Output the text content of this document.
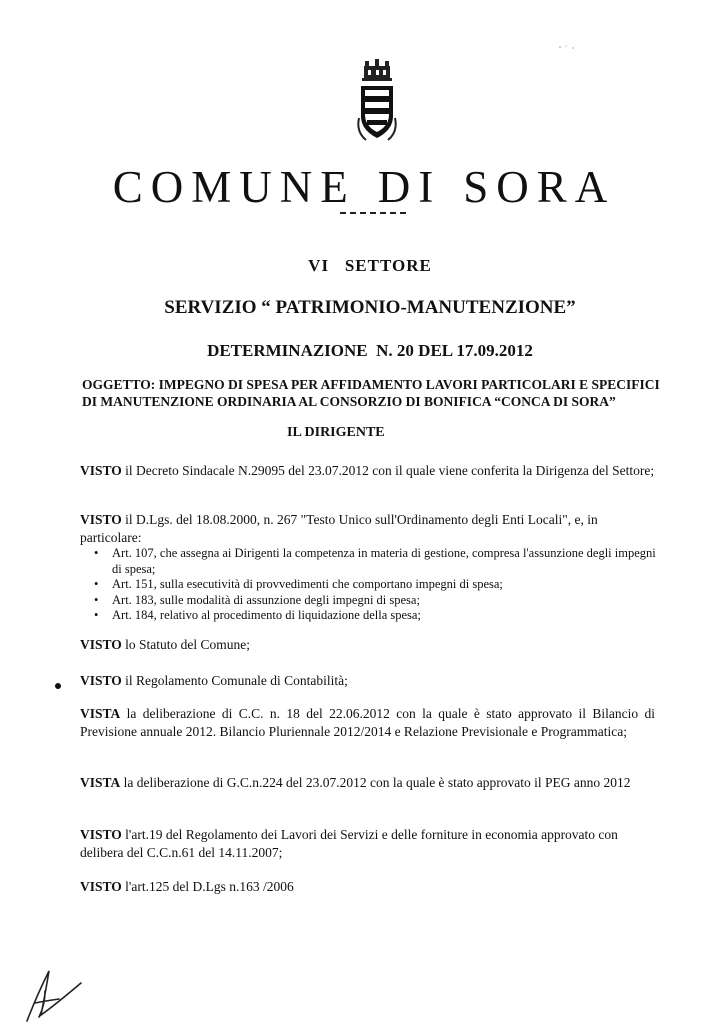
COMUNE DI SORA
VI   SETTORE
SERVIZIO “ PATRIMONIO-MANUTENZIONE”
DETERMINAZIONE  N. 20 DEL 17.09.2012
OGGETTO: IMPEGNO DI SPESA PER AFFIDAMENTO LAVORI PARTICOLARI E SPECIFICI DI MANUTENZIONE ORDINARIA AL CONSORZIO DI BONIFICA “CONCA DI SORA”
IL DIRIGENTE
VISTO il Decreto Sindacale N.29095 del 23.07.2012 con il quale viene conferita la Dirigenza del Settore;
VISTO il D.Lgs. del 18.08.2000, n. 267 "Testo Unico sull'Ordinamento degli Enti Locali", e, in particolare:
• Art. 107, che assegna ai Dirigenti la competenza in materia di gestione, compresa l'assunzione degli impegni di spesa;
• Art. 151, sulla esecutività di provvedimenti che comportano impegni di spesa;
• Art. 183, sulle modalità di assunzione degli impegni di spesa;
• Art. 184, relativo al procedimento di liquidazione della spesa;
VISTO lo Statuto del Comune;
VISTO il Regolamento Comunale di Contabilità;
VISTA la deliberazione di C.C. n. 18 del 22.06.2012 con la quale è stato approvato il Bilancio di Previsione annuale 2012. Bilancio Pluriennale 2012/2014 e Relazione Previsionale e Programmatica;
VISTA la deliberazione di G.C.n.224 del 23.07.2012 con la quale è stato approvato il PEG anno 2012
VISTO l'art.19 del Regolamento dei Lavori dei Servizi e delle forniture in economia approvato con delibera del C.C.n.61 del 14.11.2007;
VISTO l'art.125 del D.Lgs n.163 /2006
